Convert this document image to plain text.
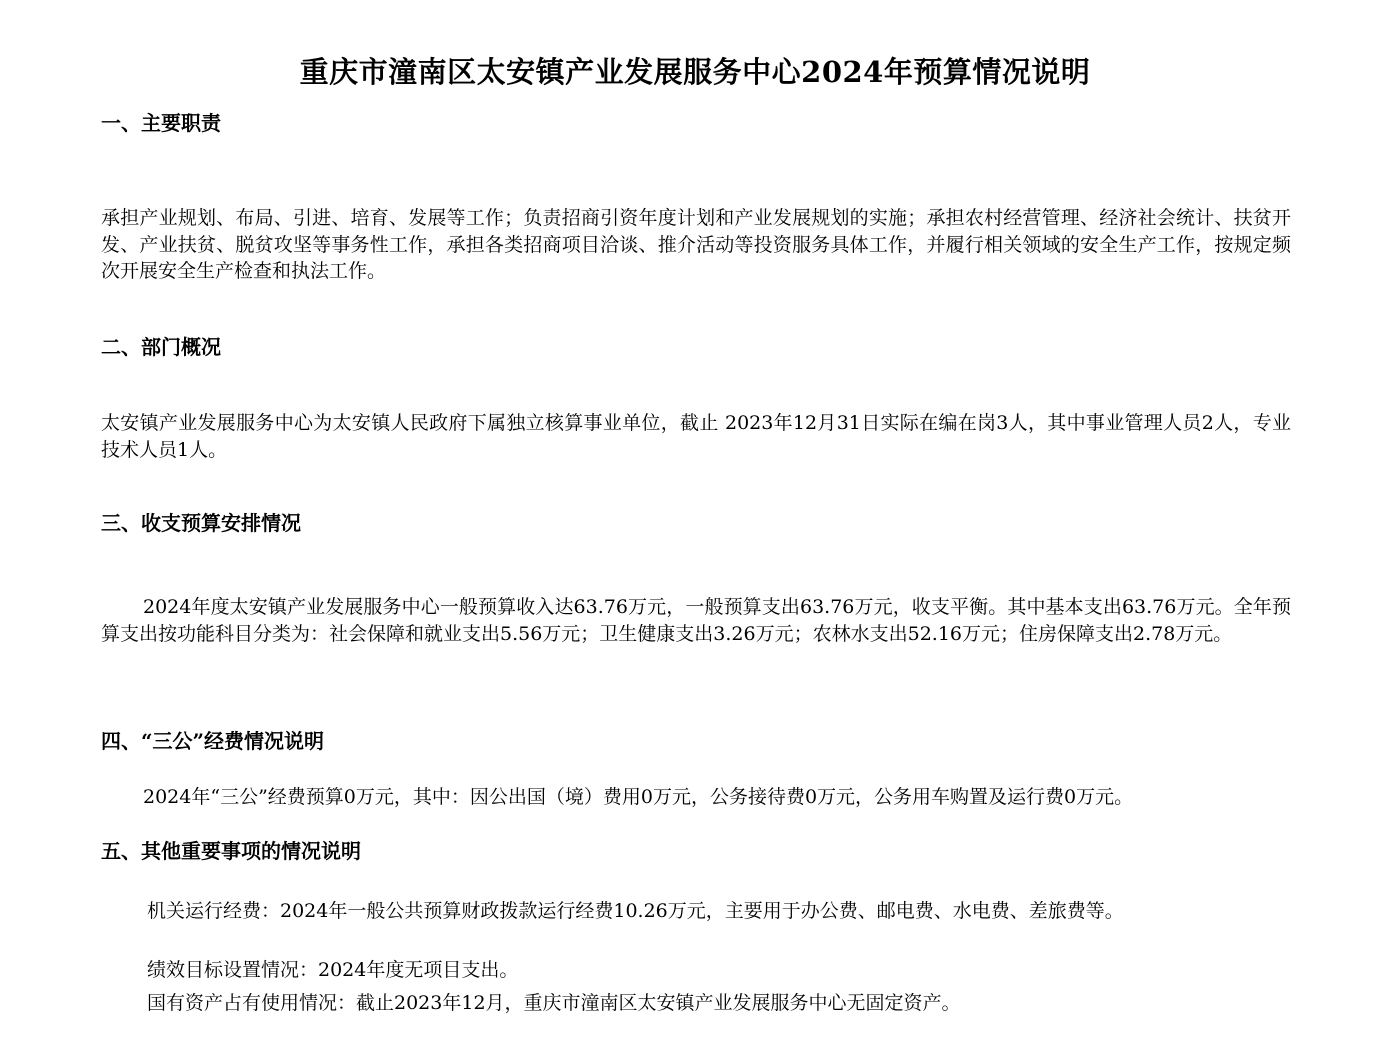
重庆市潼南区太安镇产业发展服务中心2024年预算情况说明
一、主要职责
承担产业规划、布局、引进、培育、发展等工作；负责招商引资年度计划和产业发展规划的实施；承担农村经营管理、经济社会统计、扶贫开发、产业扶贫、脱贫攻坚等事务性工作，承担各类招商项目洽谈、推介活动等投资服务具体工作，并履行相关领域的安全生产工作，按规定频次开展安全生产检查和执法工作。
二、部门概况
太安镇产业发展服务中心为太安镇人民政府下属独立核算事业单位，截止 2023年12月31日实际在编在岗3人，其中事业管理人员2人，专业技术人员1人。
三、收支预算安排情况
2024年度太安镇产业发展服务中心一般预算收入达63.76万元，一般预算支出63.76万元，收支平衡。其中基本支出63.76万元。全年预算支出按功能科目分类为：社会保障和就业支出5.56万元；卫生健康支出3.26万元；农林水支出52.16万元；住房保障支出2.78万元。
四、“三公”经费情况说明
2024年“三公”经费预算0万元，其中：因公出国（境）费用0万元，公务接待费0万元，公务用车购置及运行费0万元。
五、其他重要事项的情况说明
机关运行经费：2024年一般公共预算财政拨款运行经费10.26万元，主要用于办公费、邮电费、水电费、差旅费等。
绩效目标设置情况：2024年度无项目支出。
国有资产占有使用情况：截止2023年12月，重庆市潼南区太安镇产业发展服务中心无固定资产。
